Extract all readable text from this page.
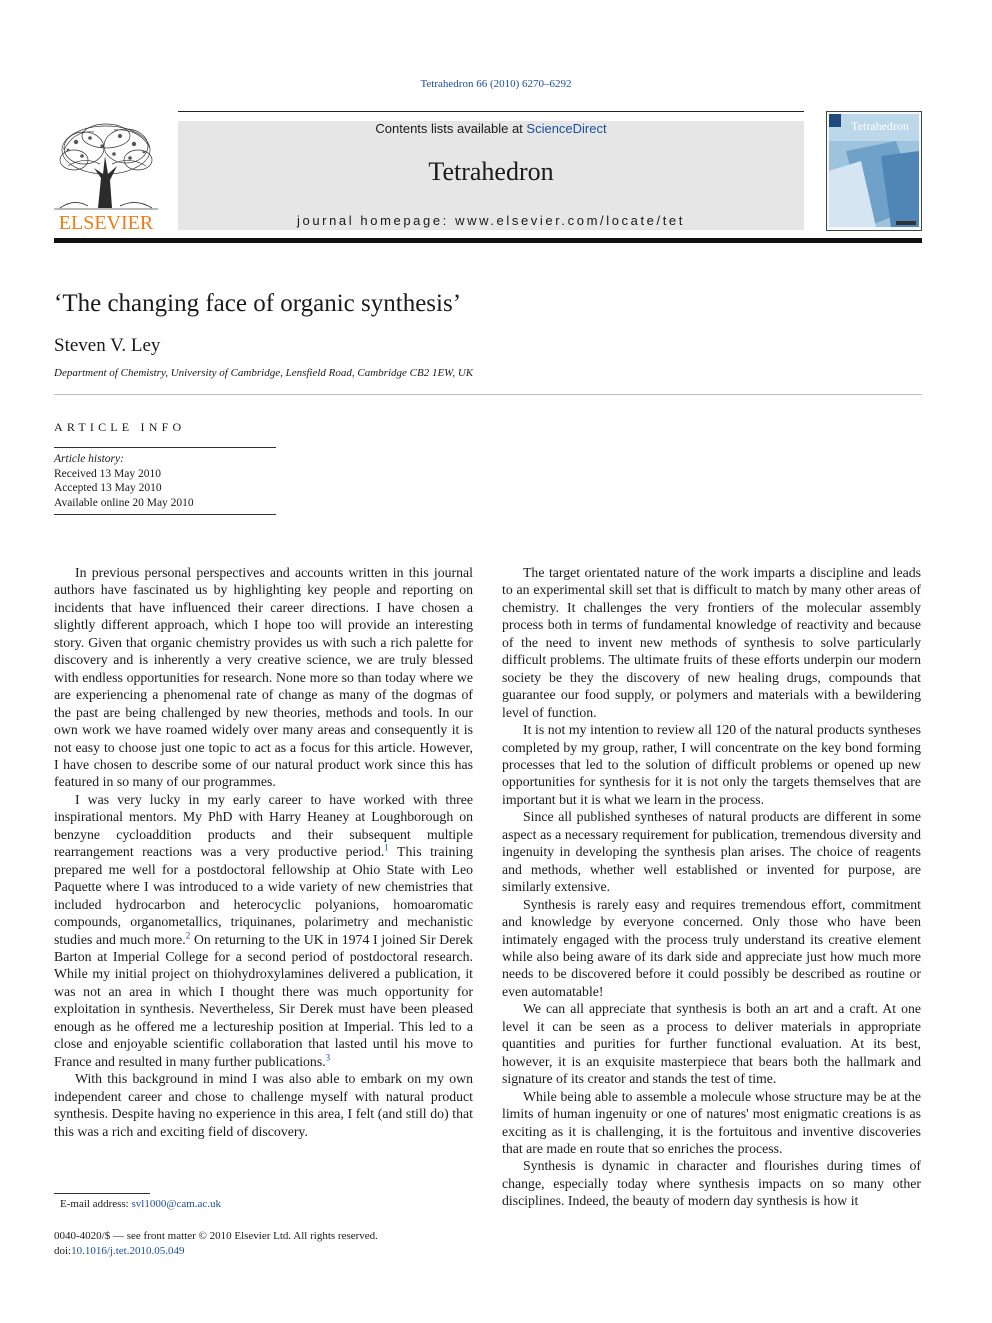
Tetrahedron 66 (2010) 6270–6292
ELSEVIER
Contents lists available at ScienceDirect
Tetrahedron
journal homepage: www.elsevier.com/locate/tet
Tetrahedron
‘The changing face of organic synthesis’
Steven V. Ley
Department of Chemistry, University of Cambridge, Lensfield Road, Cambridge CB2 1EW, UK
ARTICLE INFO
Article history:
Received 13 May 2010
Accepted 13 May 2010
Available online 20 May 2010

In previous personal perspectives and accounts written in this journal authors have fascinated us by highlighting key people and reporting on incidents that have influenced their career directions. I have chosen a slightly different approach, which I hope too will provide an interesting story. Given that organic chemistry provides us with such a rich palette for discovery and is inherently a very creative science, we are truly blessed with endless opportunities for research. None more so than today where we are experiencing a phenomenal rate of change as many of the dogmas of the past are being challenged by new theories, methods and tools. In our own work we have roamed widely over many areas and consequently it is not easy to choose just one topic to act as a focus for this article. However, I have chosen to describe some of our natural product work since this has featured in so many of our programmes.

I was very lucky in my early career to have worked with three inspirational mentors. My PhD with Harry Heaney at Loughborough on benzyne cycloaddition products and their subsequent multiple rearrangement reactions was a very productive period.$^1$ This training prepared me well for a postdoctoral fellowship at Ohio State with Leo Paquette where I was introduced to a wide variety of new chemistries that included hydrocarbon and heterocyclic polyanions, homoaromatic compounds, organometallics, triquinanes, polarimetry and mechanistic studies and much more.$^2$ On returning to the UK in 1974 I joined Sir Derek Barton at Imperial College for a second period of postdoctoral research. While my initial project on thiohydroxylamines delivered a publication, it was not an area in which I thought there was much opportunity for exploitation in synthesis. Nevertheless, Sir Derek must have been pleased enough as he offered me a lectureship position at Imperial. This led to a close and enjoyable scientific collaboration that lasted until his move to France and resulted in many further publications.$^3$

With this background in mind I was also able to embark on my own independent career and chose to challenge myself with natural product synthesis. Despite having no experience in this area, I felt (and still do) that this was a rich and exciting field of discovery.

The target orientated nature of the work imparts a discipline and leads to an experimental skill set that is difficult to match by many other areas of chemistry. It challenges the very frontiers of the molecular assembly process both in terms of fundamental knowledge of reactivity and because of the need to invent new methods of synthesis to solve particularly difficult problems. The ultimate fruits of these efforts underpin our modern society be they the discovery of new healing drugs, compounds that guarantee our food supply, or polymers and materials with a bewildering level of function.

It is not my intention to review all 120 of the natural products syntheses completed by my group, rather, I will concentrate on the key bond forming processes that led to the solution of difficult problems or opened up new opportunities for synthesis for it is not only the targets themselves that are important but it is what we learn in the process.

Since all published syntheses of natural products are different in some aspect as a necessary requirement for publication, tremendous diversity and ingenuity in developing the synthesis plan arises. The choice of reagents and methods, whether well established or invented for purpose, are similarly extensive.

Synthesis is rarely easy and requires tremendous effort, commitment and knowledge by everyone concerned. Only those who have been intimately engaged with the process truly understand its creative element while also being aware of its dark side and appreciate just how much more needs to be discovered before it could possibly be described as routine or even automatable!

We can all appreciate that synthesis is both an art and a craft. At one level it can be seen as a process to deliver materials in appropriate quantities and purities for further functional evaluation. At its best, however, it is an exquisite masterpiece that bears both the hallmark and signature of its creator and stands the test of time.

While being able to assemble a molecule whose structure may be at the limits of human ingenuity or one of natures' most enigmatic creations is as exciting as it is challenging, it is the fortuitous and inventive discoveries that are made en route that so enriches the process.

Synthesis is dynamic in character and flourishes during times of change, especially today where synthesis impacts on so many other disciplines. Indeed, the beauty of modern day synthesis is how it

E-mail address: svl1000@cam.ac.uk
0040-4020/$ — see front matter © 2010 Elsevier Ltd. All rights reserved.
doi:10.1016/j.tet.2010.05.049
